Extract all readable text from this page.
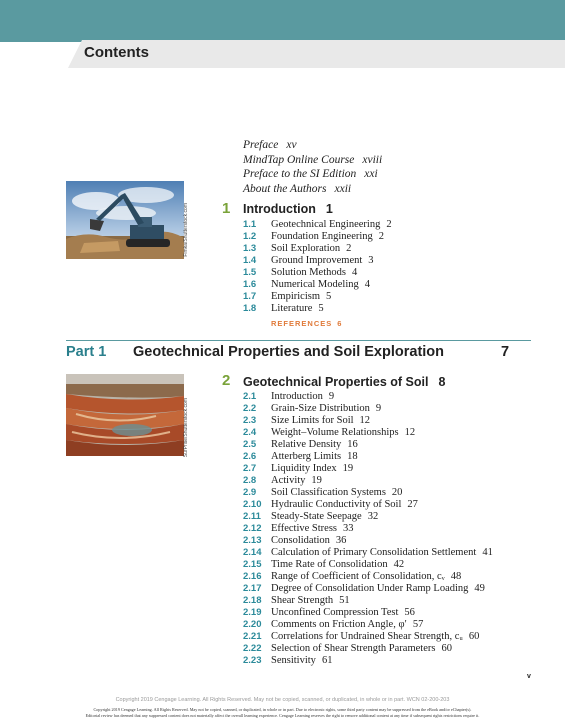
Contents
Preface xv
MindTap Online Course xviii
Preface to the SI Edition xxi
About the Authors xxii
Fimka/Shutterstock.com 1 Introduction 1
1.1 Geotechnical Engineering 2
1.2 Foundation Engineering 2
1.3 Soil Exploration 2
1.4 Ground Improvement 3
1.5 Solution Methods 4
1.6 Numerical Modeling 4
1.7 Empiricism 5
1.8 Literature 5
REFERENCES 6
Part 1 Geotechnical Properties and Soil Exploration	7
SurPrise/Shutterstock.com
2 Geotechnical Properties of Soil 8
2.1 Introduction 9
2.2 Grain-Size Distribution 9
2.3 Size Limits for Soil 12
2.4 Weight–Volume Relationships 12
2.5 Relative Density 16
2.6 Atterberg Limits 18
2.7 Liquidity Index 19
2.8 Activity 19
2.9 Soil Classification Systems 20
2.10 Hydraulic Conductivity of Soil 27
2.11 Steady-State Seepage 32
2.12 Effective Stress 33
2.13 Consolidation 36
2.14 Calculation of Primary Consolidation Settlement 41
2.15 Time Rate of Consolidation 42
2.16 Range of Coefficient of Consolidation, cᵥ 48
2.17 Degree of Consolidation Under Ramp Loading 49
2.18 Shear Strength 51
2.19 Unconfined Compression Test 56
2.20 Comments on Friction Angle, φ′ 57
2.21 Correlations for Undrained Shear Strength, cᵤ 60
2.22 Selection of Shear Strength Parameters 60
2.23 Sensitivity 61
v
Copyright 2019 Cengage Learning. All Rights Reserved. May not be copied, scanned, or duplicated, in whole or in part. WCN 02-200-203
Copyright 2019 Cengage Learning. All Rights Reserved. May not be copied, scanned, or duplicated, in whole or in part. Due to electronic rights, some third party content may be suppressed from the eBook and/or eChapter(s).
Editorial review has deemed that any suppressed content does not materially affect the overall learning experience. Cengage Learning reserves the right to remove additional content at any time if subsequent rights restrictions require it.
